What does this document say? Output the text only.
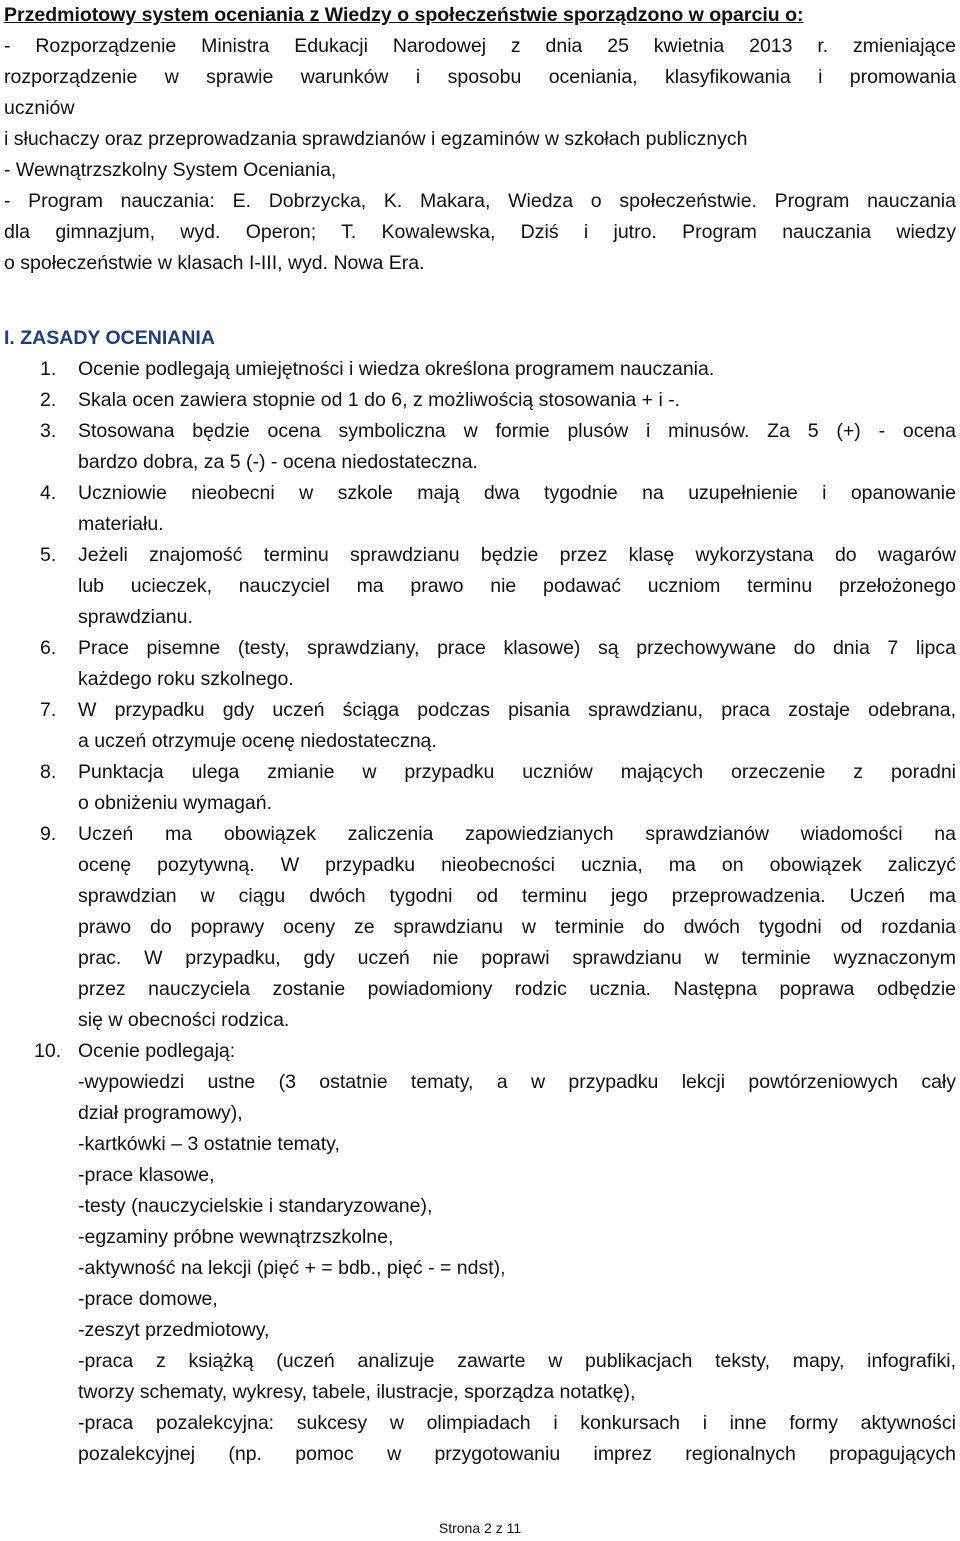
Przedmiotowy system oceniania z Wiedzy o społeczeństwie sporządzono w oparciu o:

- Rozporządzenie Ministra Edukacji Narodowej z dnia 25 kwietnia 2013 r. zmieniające

rozporządzenie w sprawie warunków i sposobu oceniania, klasyfikowania i promowania

uczniów

i słuchaczy oraz przeprowadzania sprawdzianów i egzaminów w szkołach publicznych

- Wewnątrzszkolny System Oceniania,

- Program nauczania: E. Dobrzycka, K. Makara, Wiedza o społeczeństwie. Program nauczania

dla gimnazjum, wyd. Operon; T. Kowalewska, Dziś i jutro. Program nauczania wiedzy

o społeczeństwie w klasach I-III, wyd. Nowa Era.

I. ZASADY OCENIANIA
1.	Ocenie podlegają umiejętności i wiedza określona programem nauczania.
2.	Skala ocen zawiera stopnie od 1 do 6, z możliwością stosowania + i -.
3.	Stosowana będzie ocena symboliczna w formie plusów i minusów. Za 5 (+) - ocena
bardzo dobra, za 5 (-) - ocena niedostateczna.
4.	Uczniowie nieobecni w szkole mają dwa tygodnie na uzupełnienie i opanowanie
materiału.
5.	Jeżeli znajomość terminu sprawdzianu będzie przez klasę wykorzystana do wagarów
lub ucieczek, nauczyciel ma prawo nie podawać uczniom terminu przełożonego
sprawdzianu.
6.	Prace pisemne (testy, sprawdziany, prace klasowe) są przechowywane do dnia 7 lipca
każdego roku szkolnego.
7.	W przypadku gdy uczeń ściąga podczas pisania sprawdzianu, praca zostaje odebrana,
a uczeń otrzymuje ocenę niedostateczną.
8.	Punktacja ulega zmianie w przypadku uczniów mających orzeczenie z poradni
o obniżeniu wymagań.
9.	Uczeń ma obowiązek zaliczenia zapowiedzianych sprawdzianów wiadomości na
ocenę pozytywną. W przypadku nieobecności ucznia, ma on obowiązek zaliczyć
sprawdzian w ciągu dwóch tygodni od terminu jego przeprowadzenia. Uczeń ma
prawo do poprawy oceny ze sprawdzianu w terminie do dwóch tygodni od rozdania
prac. W przypadku, gdy uczeń nie poprawi sprawdzianu w terminie wyznaczonym
przez nauczyciela zostanie powiadomiony rodzic ucznia. Następna poprawa odbędzie
się w obecności rodzica.
10. Ocenie podlegają:

-wypowiedzi ustne (3 ostatnie tematy, a w przypadku lekcji powtórzeniowych cały

dział programowy),

-kartkówki – 3 ostatnie tematy,

-prace klasowe,

-testy (nauczycielskie i standaryzowane),

-egzaminy próbne wewnątrzszkolne,

-aktywność na lekcji (pięć + = bdb., pięć - = ndst),

-prace domowe,

-zeszyt przedmiotowy,

-praca z książką (uczeń analizuje zawarte w publikacjach teksty, mapy, infografiki,

tworzy schematy, wykresy, tabele, ilustracje, sporządza notatkę),

-praca pozalekcyjna: sukcesy w olimpiadach i konkursach i inne formy aktywności

pozalekcyjnej (np. pomoc w przygotowaniu imprez regionalnych propagujących

Strona 2 z 11
